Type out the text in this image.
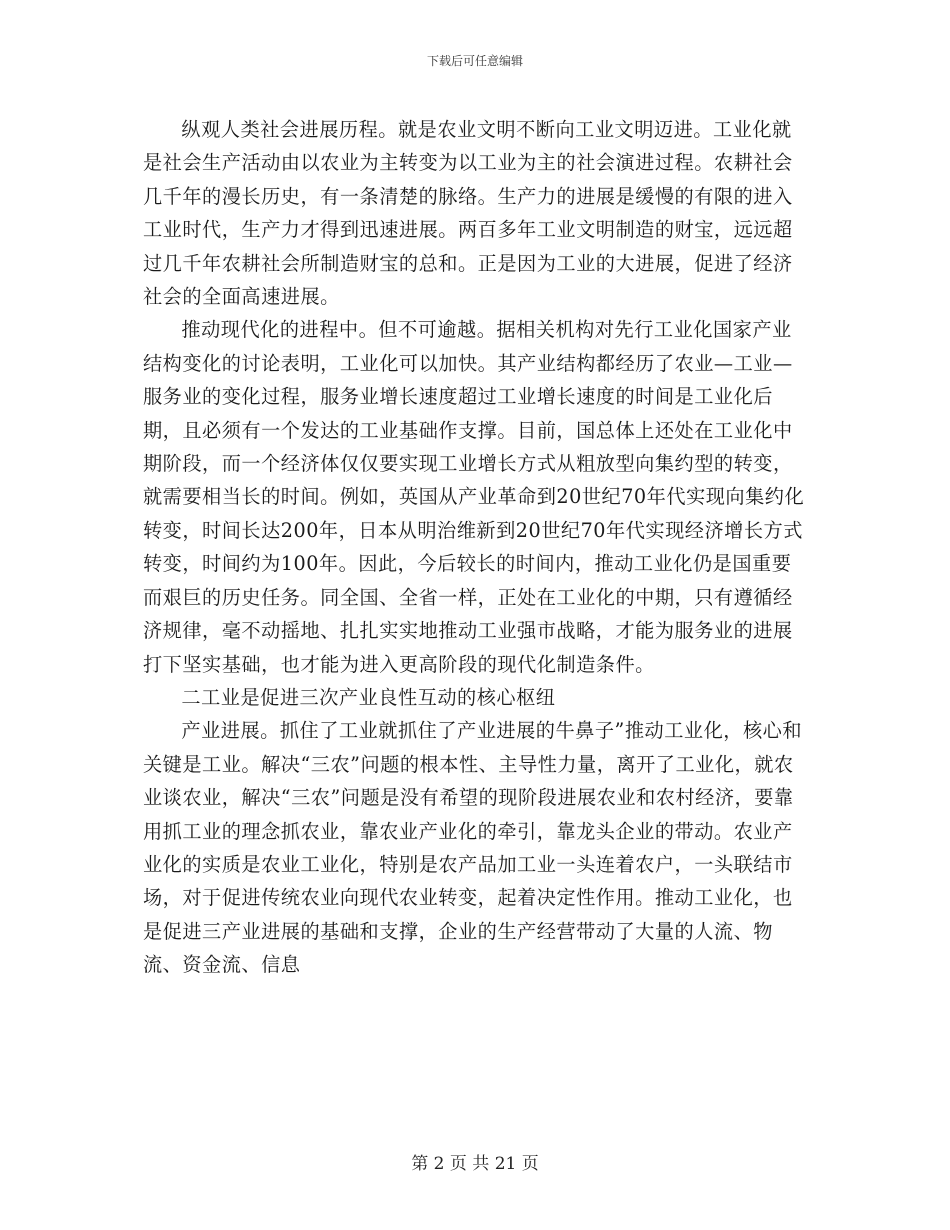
下载后可任意编辑

纵观人类社会进展历程。就是农业文明不断向工业文明迈进。工业化就是社会生产活动由以农业为主转变为以工业为主的社会演进过程。农耕社会几千年的漫长历史，有一条清楚的脉络。生产力的进展是缓慢的有限的进入工业时代，生产力才得到迅速进展。两百多年工业文明制造的财宝，远远超过几千年农耕社会所制造财宝的总和。正是因为工业的大进展，促进了经济社会的全面高速进展。

推动现代化的进程中。但不可逾越。据相关机构对先行工业化国家产业结构变化的讨论表明，工业化可以加快。其产业结构都经历了农业—工业—服务业的变化过程，服务业增长速度超过工业增长速度的时间是工业化后期，且必须有一个发达的工业基础作支撑。目前，国总体上还处在工业化中期阶段，而一个经济体仅仅要实现工业增长方式从粗放型向集约型的转变，就需要相当长的时间。例如，英国从产业革命到20世纪70年代实现向集约化转变，时间长达200年，日本从明治维新到20世纪70年代实现经济增长方式转变，时间约为100年。因此，今后较长的时间内，推动工业化仍是国重要而艰巨的历史任务。同全国、全省一样，正处在工业化的中期，只有遵循经济规律，毫不动摇地、扎扎实实地推动工业强市战略，才能为服务业的进展打下坚实基础，也才能为进入更高阶段的现代化制造条件。

二工业是促进三次产业良性互动的核心枢纽

产业进展。抓住了工业就抓住了产业进展的牛鼻子”推动工业化，核心和关键是工业。解决“三农”问题的根本性、主导性力量，离开了工业化，就农业谈农业，解决“三农”问题是没有希望的现阶段进展农业和农村经济，要靠用抓工业的理念抓农业，靠农业产业化的牵引，靠龙头企业的带动。农业产业化的实质是农业工业化，特别是农产品加工业一头连着农户，一头联结市场，对于促进传统农业向现代农业转变，起着决定性作用。推动工业化，也是促进三产业进展的基础和支撑，企业的生产经营带动了大量的人流、物流、资金流、信息

第 2 页 共 21 页
